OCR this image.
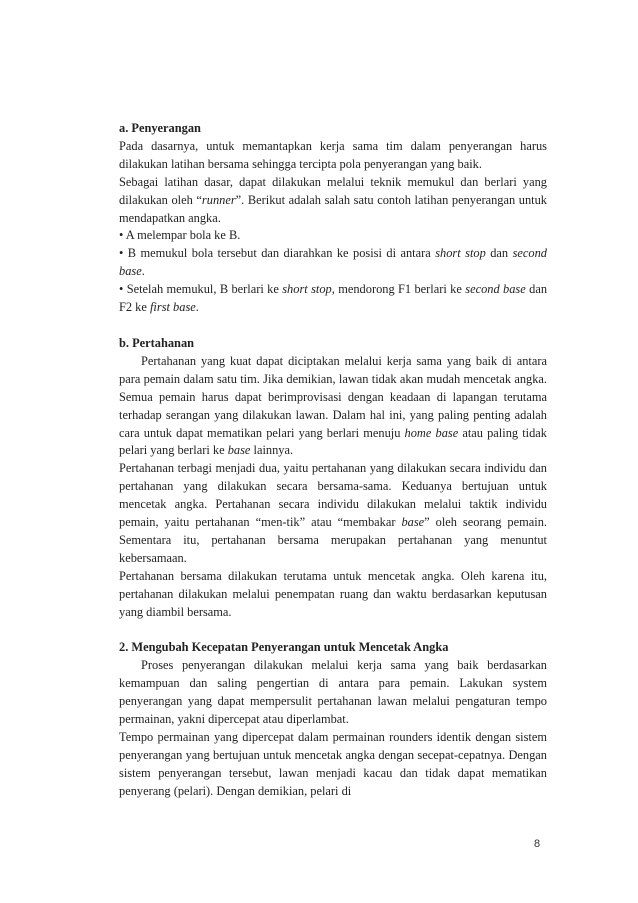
a. Penyerangan

Pada dasarnya, untuk memantapkan kerja sama tim dalam penyerangan harus dilakukan latihan bersama sehingga tercipta pola penyerangan yang baik.

Sebagai latihan dasar, dapat dilakukan melalui teknik memukul dan berlari yang dilakukan oleh “runner”. Berikut adalah salah satu contoh latihan penyerangan untuk mendapatkan angka.

• A melempar bola ke B.

• B memukul bola tersebut dan diarahkan ke posisi di antara short stop dan second base.

• Setelah memukul, B berlari ke short stop, mendorong F1 berlari ke second base dan F2 ke first base.

b. Pertahanan

Pertahanan yang kuat dapat diciptakan melalui kerja sama yang baik di antara para pemain dalam satu tim. Jika demikian, lawan tidak akan mudah mencetak angka. Semua pemain harus dapat berimprovisasi dengan keadaan di lapangan terutama terhadap serangan yang dilakukan lawan. Dalam hal ini, yang paling penting adalah cara untuk dapat mematikan pelari yang berlari menuju home base atau paling tidak pelari yang berlari ke base lainnya.

Pertahanan terbagi menjadi dua, yaitu pertahanan yang dilakukan secara individu dan pertahanan yang dilakukan secara bersama-sama. Keduanya bertujuan untuk mencetak angka. Pertahanan secara individu dilakukan melalui taktik individu pemain, yaitu pertahanan “men-tik” atau “membakar base” oleh seorang pemain. Sementara itu, pertahanan bersama merupakan pertahanan yang menuntut kebersamaan.

Pertahanan bersama dilakukan terutama untuk mencetak angka. Oleh karena itu, pertahanan dilakukan melalui penempatan ruang dan waktu berdasarkan keputusan yang diambil bersama.

2. Mengubah Kecepatan Penyerangan untuk Mencetak Angka

Proses penyerangan dilakukan melalui kerja sama yang baik berdasarkan kemampuan dan saling pengertian di antara para pemain. Lakukan system penyerangan yang dapat mempersulit pertahanan lawan melalui pengaturan tempo permainan, yakni dipercepat atau diperlambat.

Tempo permainan yang dipercepat dalam permainan rounders identik dengan sistem penyerangan yang bertujuan untuk mencetak angka dengan secepat-cepatnya. Dengan sistem penyerangan tersebut, lawan menjadi kacau dan tidak dapat mematikan penyerang (pelari). Dengan demikian, pelari di

8
